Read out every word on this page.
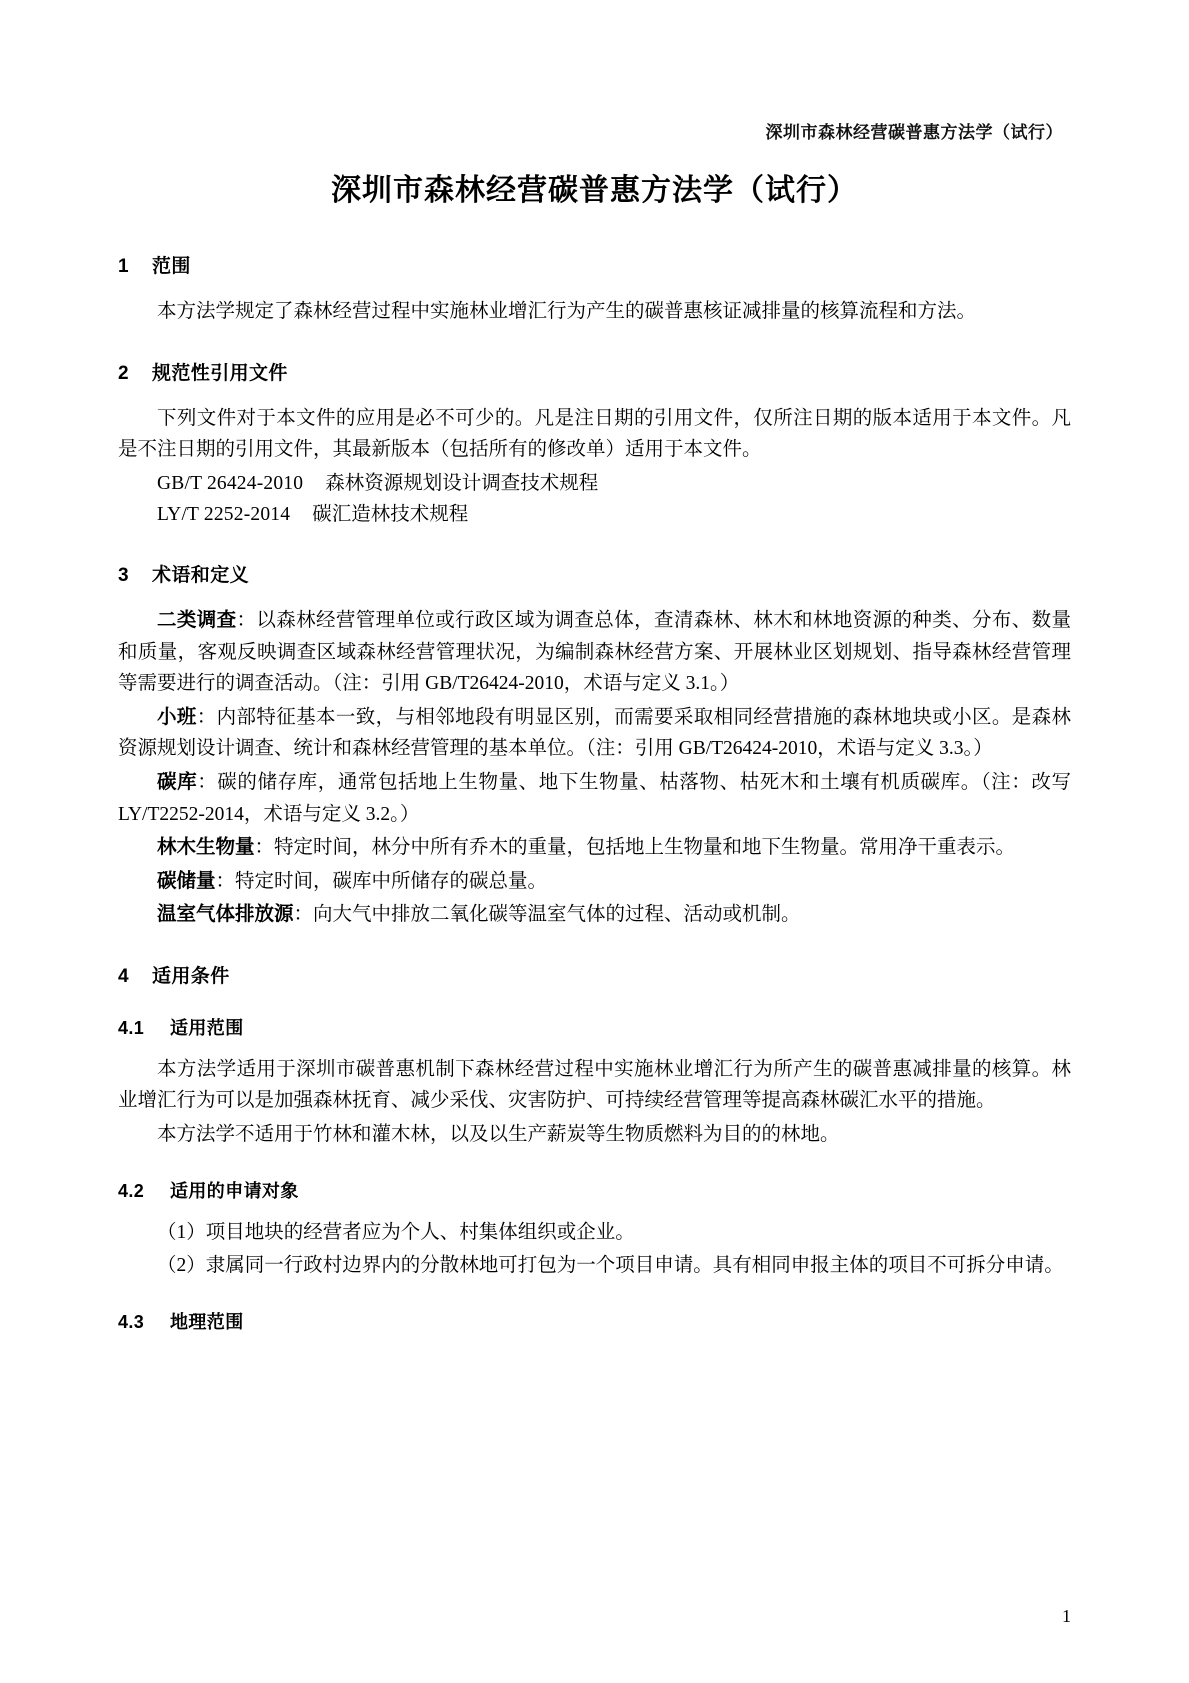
深圳市森林经营碳普惠方法学（试行）
深圳市森林经营碳普惠方法学（试行）
1 范围

本方法学规定了森林经营过程中实施林业增汇行为产生的碳普惠核证减排量的核算流程和方法。

2 规范性引用文件

下列文件对于本文件的应用是必不可少的。凡是注日期的引用文件，仅所注日期的版本适用于本文件。凡是不注日期的引用文件，其最新版本（包括所有的修改单）适用于本文件。

GB/T 26424-2010 森林资源规划设计调查技术规程

LY/T 2252-2014 碳汇造林技术规程

3 术语和定义

二类调查：以森林经营管理单位或行政区域为调查总体，查清森林、林木和林地资源的种类、分布、数量和质量，客观反映调查区域森林经营管理状况，为编制森林经营方案、开展林业区划规划、指导森林经营管理等需要进行的调查活动。（注：引用 GB/T26424-2010，术语与定义 3.1。）

小班：内部特征基本一致，与相邻地段有明显区别，而需要采取相同经营措施的森林地块或小区。是森林资源规划设计调查、统计和森林经营管理的基本单位。（注：引用 GB/T26424-2010，术语与定义 3.3。）

碳库：碳的储存库，通常包括地上生物量、地下生物量、枯落物、枯死木和土壤有机质碳库。（注：改写 LY/T2252-2014，术语与定义 3.2。）

林木生物量：特定时间，林分中所有乔木的重量，包括地上生物量和地下生物量。常用净干重表示。

碳储量：特定时间，碳库中所储存的碳总量。

温室气体排放源：向大气中排放二氧化碳等温室气体的过程、活动或机制。

4 适用条件
4.1 适用范围

本方法学适用于深圳市碳普惠机制下森林经营过程中实施林业增汇行为所产生的碳普惠减排量的核算。林业增汇行为可以是加强森林抚育、减少采伐、灾害防护、可持续经营管理等提高森林碳汇水平的措施。

本方法学不适用于竹林和灌木林，以及以生产薪炭等生物质燃料为目的的林地。

4.2 适用的申请对象

（1）项目地块的经营者应为个人、村集体组织或企业。

（2）隶属同一行政村边界内的分散林地可打包为一个项目申请。具有相同申报主体的项目不可拆分申请。

4.3 地理范围
1
